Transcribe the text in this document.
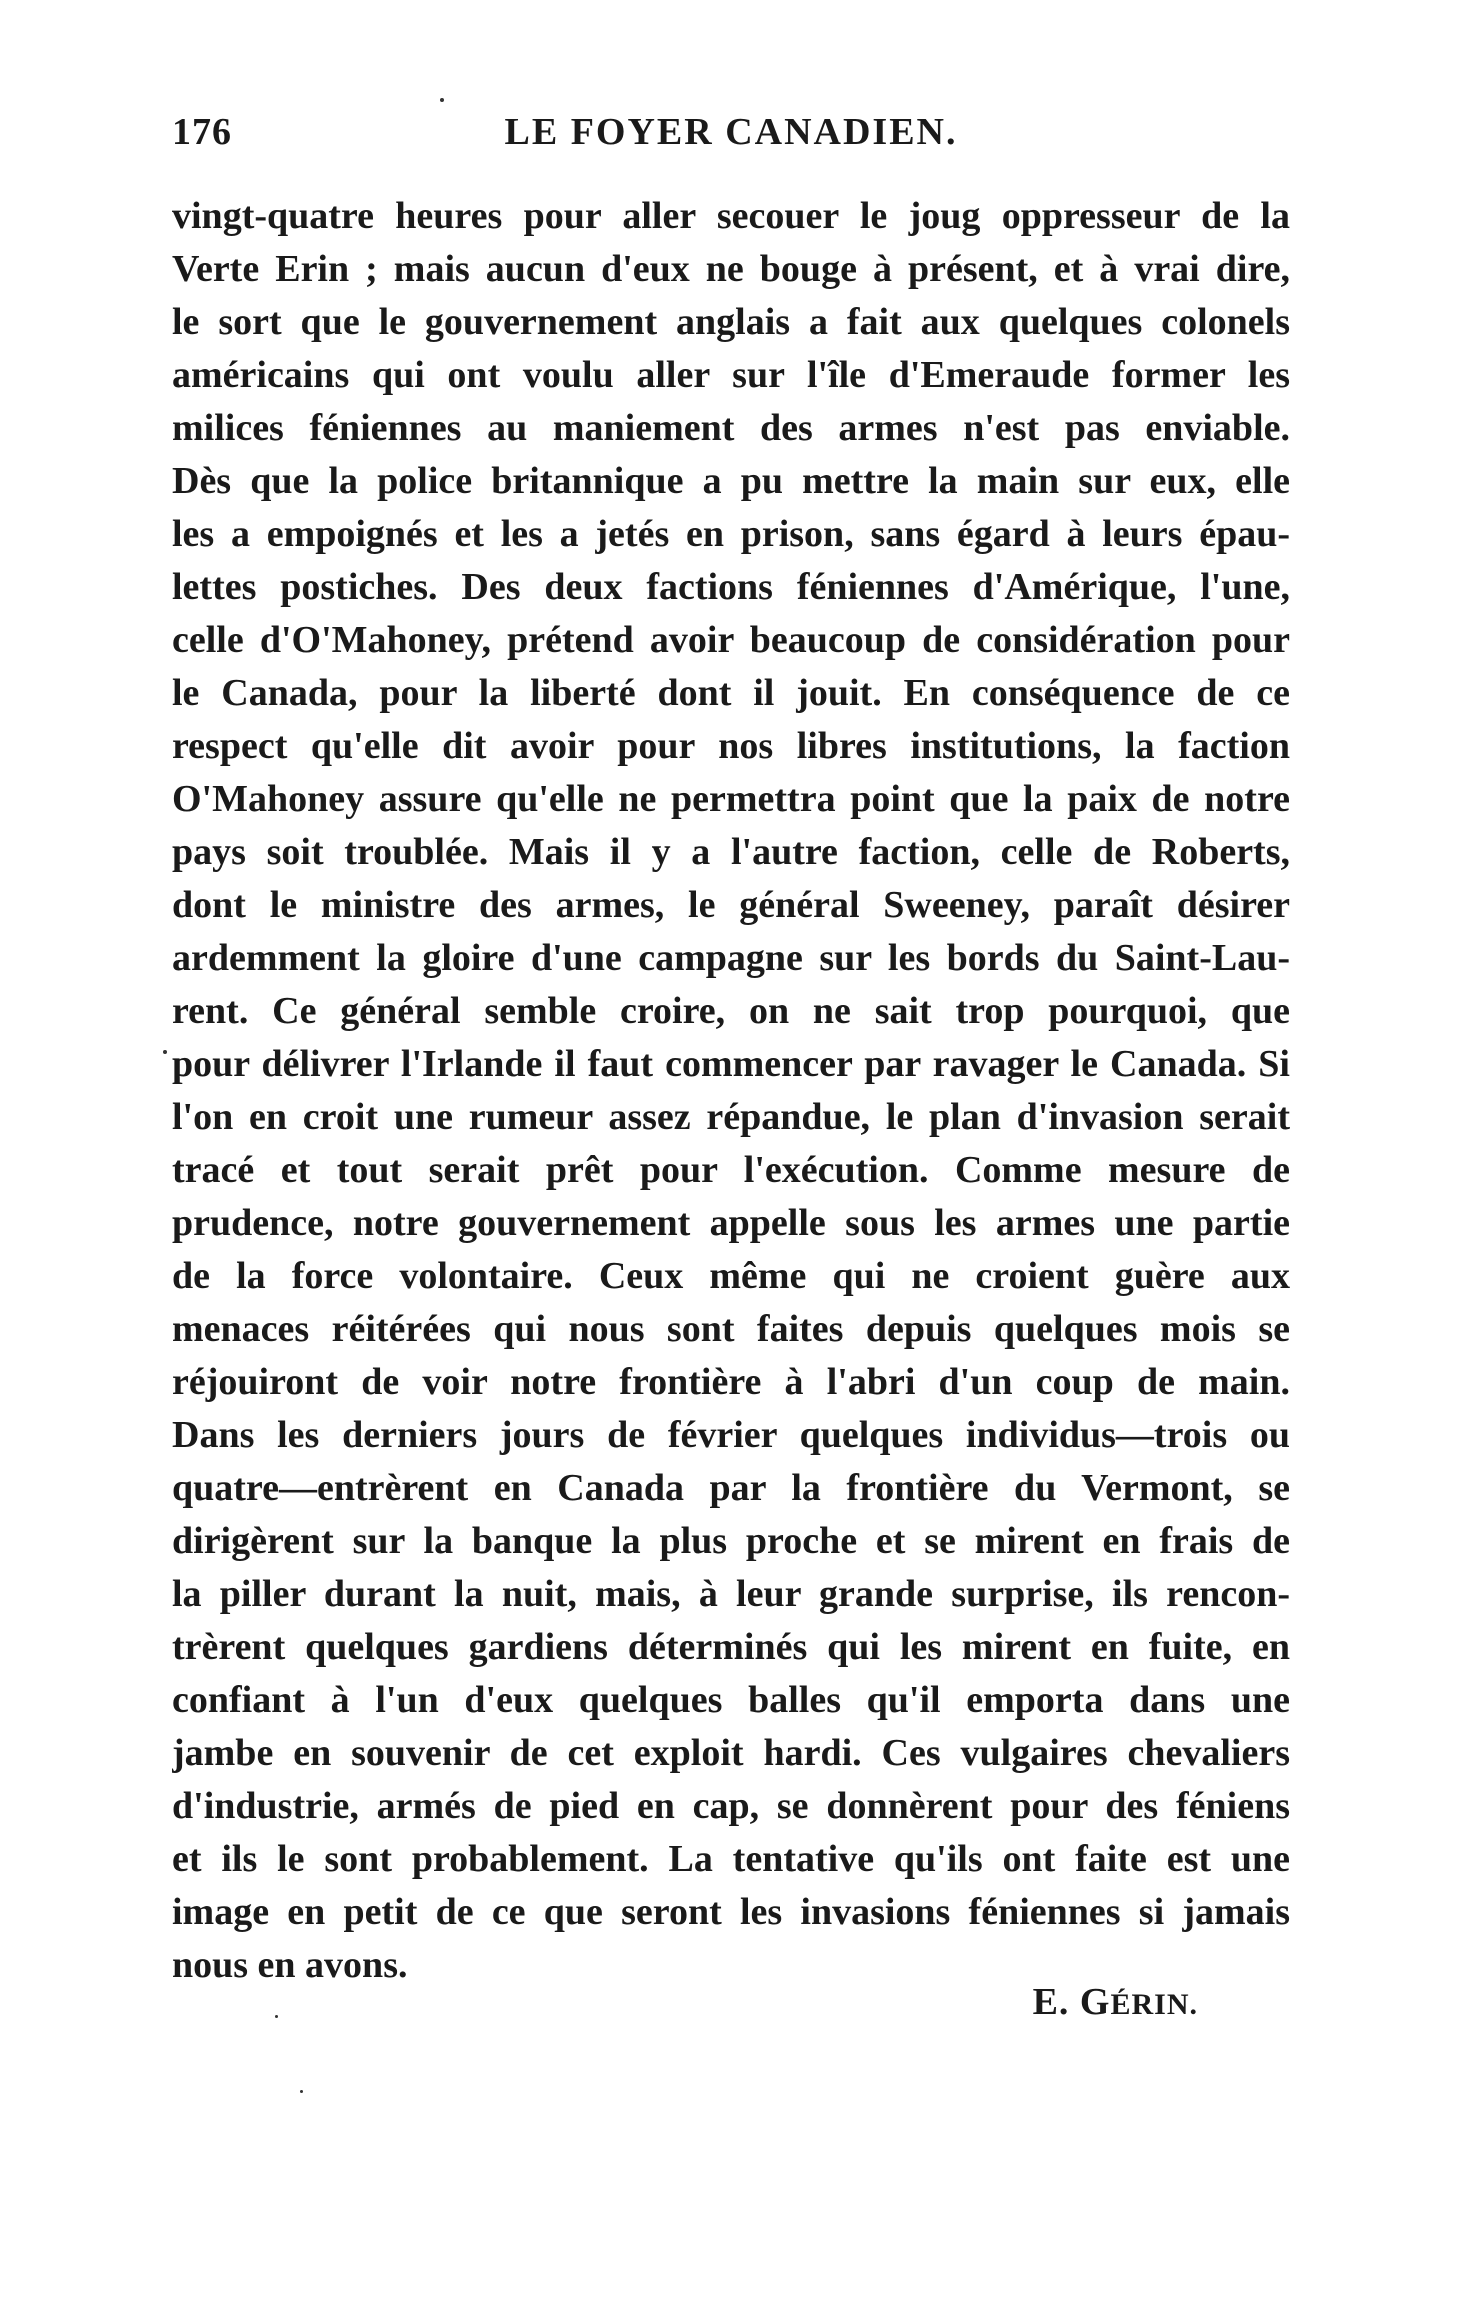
176	LE FOYER CANADIEN.
vingt-quatre heures pour aller secouer le joug oppresseur de la
Verte Erin ; mais aucun d'eux ne bouge à présent, et à vrai dire,
le sort que le gouvernement anglais a fait aux quelques colonels
américains qui ont voulu aller sur l'île d'Emeraude former les
milices féniennes au maniement des armes n'est pas enviable.
Dès que la police britannique a pu mettre la main sur eux, elle
les a empoignés et les a jetés en prison, sans égard à leurs épau-
lettes postiches. Des deux factions féniennes d'Amérique, l'une,
celle d'O'Mahoney, prétend avoir beaucoup de considération pour
le Canada, pour la liberté dont il jouit. En conséquence de ce
respect qu'elle dit avoir pour nos libres institutions, la faction
O'Mahoney assure qu'elle ne permettra point que la paix de notre
pays soit troublée. Mais il y a l'autre faction, celle de Roberts,
dont le ministre des armes, le général Sweeney, paraît désirer
ardemment la gloire d'une campagne sur les bords du Saint-Lau-
rent. Ce général semble croire, on ne sait trop pourquoi, que
pour délivrer l'Irlande il faut commencer par ravager le Canada. Si
l'on en croit une rumeur assez répandue, le plan d'invasion serait
tracé et tout serait prêt pour l'exécution. Comme mesure de
prudence, notre gouvernement appelle sous les armes une partie
de la force volontaire. Ceux même qui ne croient guère aux
menaces réitérées qui nous sont faites depuis quelques mois se
réjouiront de voir notre frontière à l'abri d'un coup de main.
Dans les derniers jours de février quelques individus—trois ou
quatre—entrèrent en Canada par la frontière du Vermont, se
dirigèrent sur la banque la plus proche et se mirent en frais de
la piller durant la nuit, mais, à leur grande surprise, ils rencon-
trèrent quelques gardiens déterminés qui les mirent en fuite, en
confiant à l'un d'eux quelques balles qu'il emporta dans une
jambe en souvenir de cet exploit hardi. Ces vulgaires chevaliers
d'industrie, armés de pied en cap, se donnèrent pour des féniens
et ils le sont probablement. La tentative qu'ils ont faite est une
image en petit de ce que seront les invasions féniennes si jamais
nous en avons.
E. GÉRIN.
